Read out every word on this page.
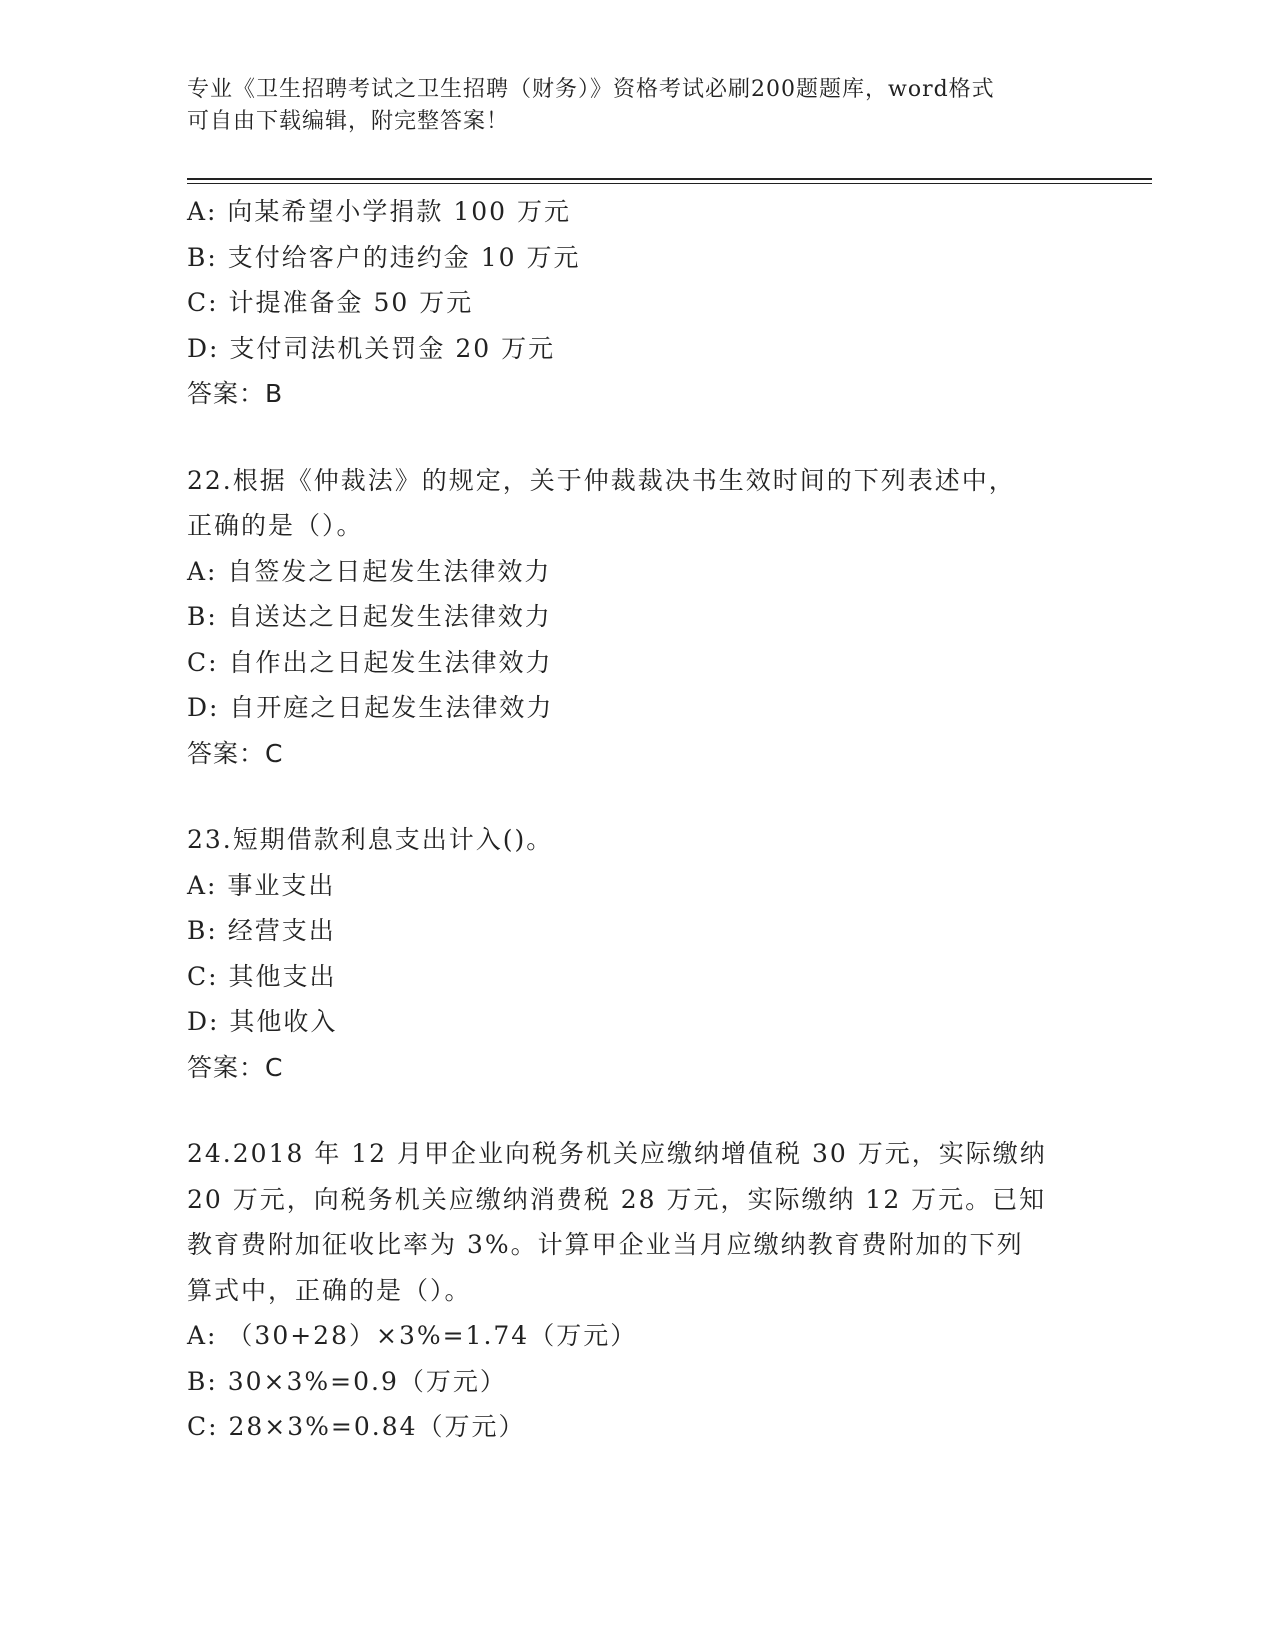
专业《卫生招聘考试之卫生招聘（财务）》资格考试必刷200题题库，word格式
可自由下载编辑，附完整答案！
A: 向某希望小学捐款 100 万元
B: 支付给客户的违约金 10 万元
C: 计提准备金 50 万元
D: 支付司法机关罚金 20 万元
答案：B
22.根据《仲裁法》的规定，关于仲裁裁决书生效时间的下列表述中，
正确的是（）。
A: 自签发之日起发生法律效力
B: 自送达之日起发生法律效力
C: 自作出之日起发生法律效力
D: 自开庭之日起发生法律效力
答案：C
23.短期借款利息支出计入()。
A: 事业支出
B: 经营支出
C: 其他支出
D: 其他收入
答案：C
24.2018 年 12 月甲企业向税务机关应缴纳增值税 30 万元，实际缴纳
20 万元，向税务机关应缴纳消费税 28 万元，实际缴纳 12 万元。已知
教育费附加征收比率为 3%。计算甲企业当月应缴纳教育费附加的下列
算式中，正确的是（）。
A: （30+28）×3%=1.74（万元）
B: 30×3%=0.9（万元）
C: 28×3%=0.84（万元）
